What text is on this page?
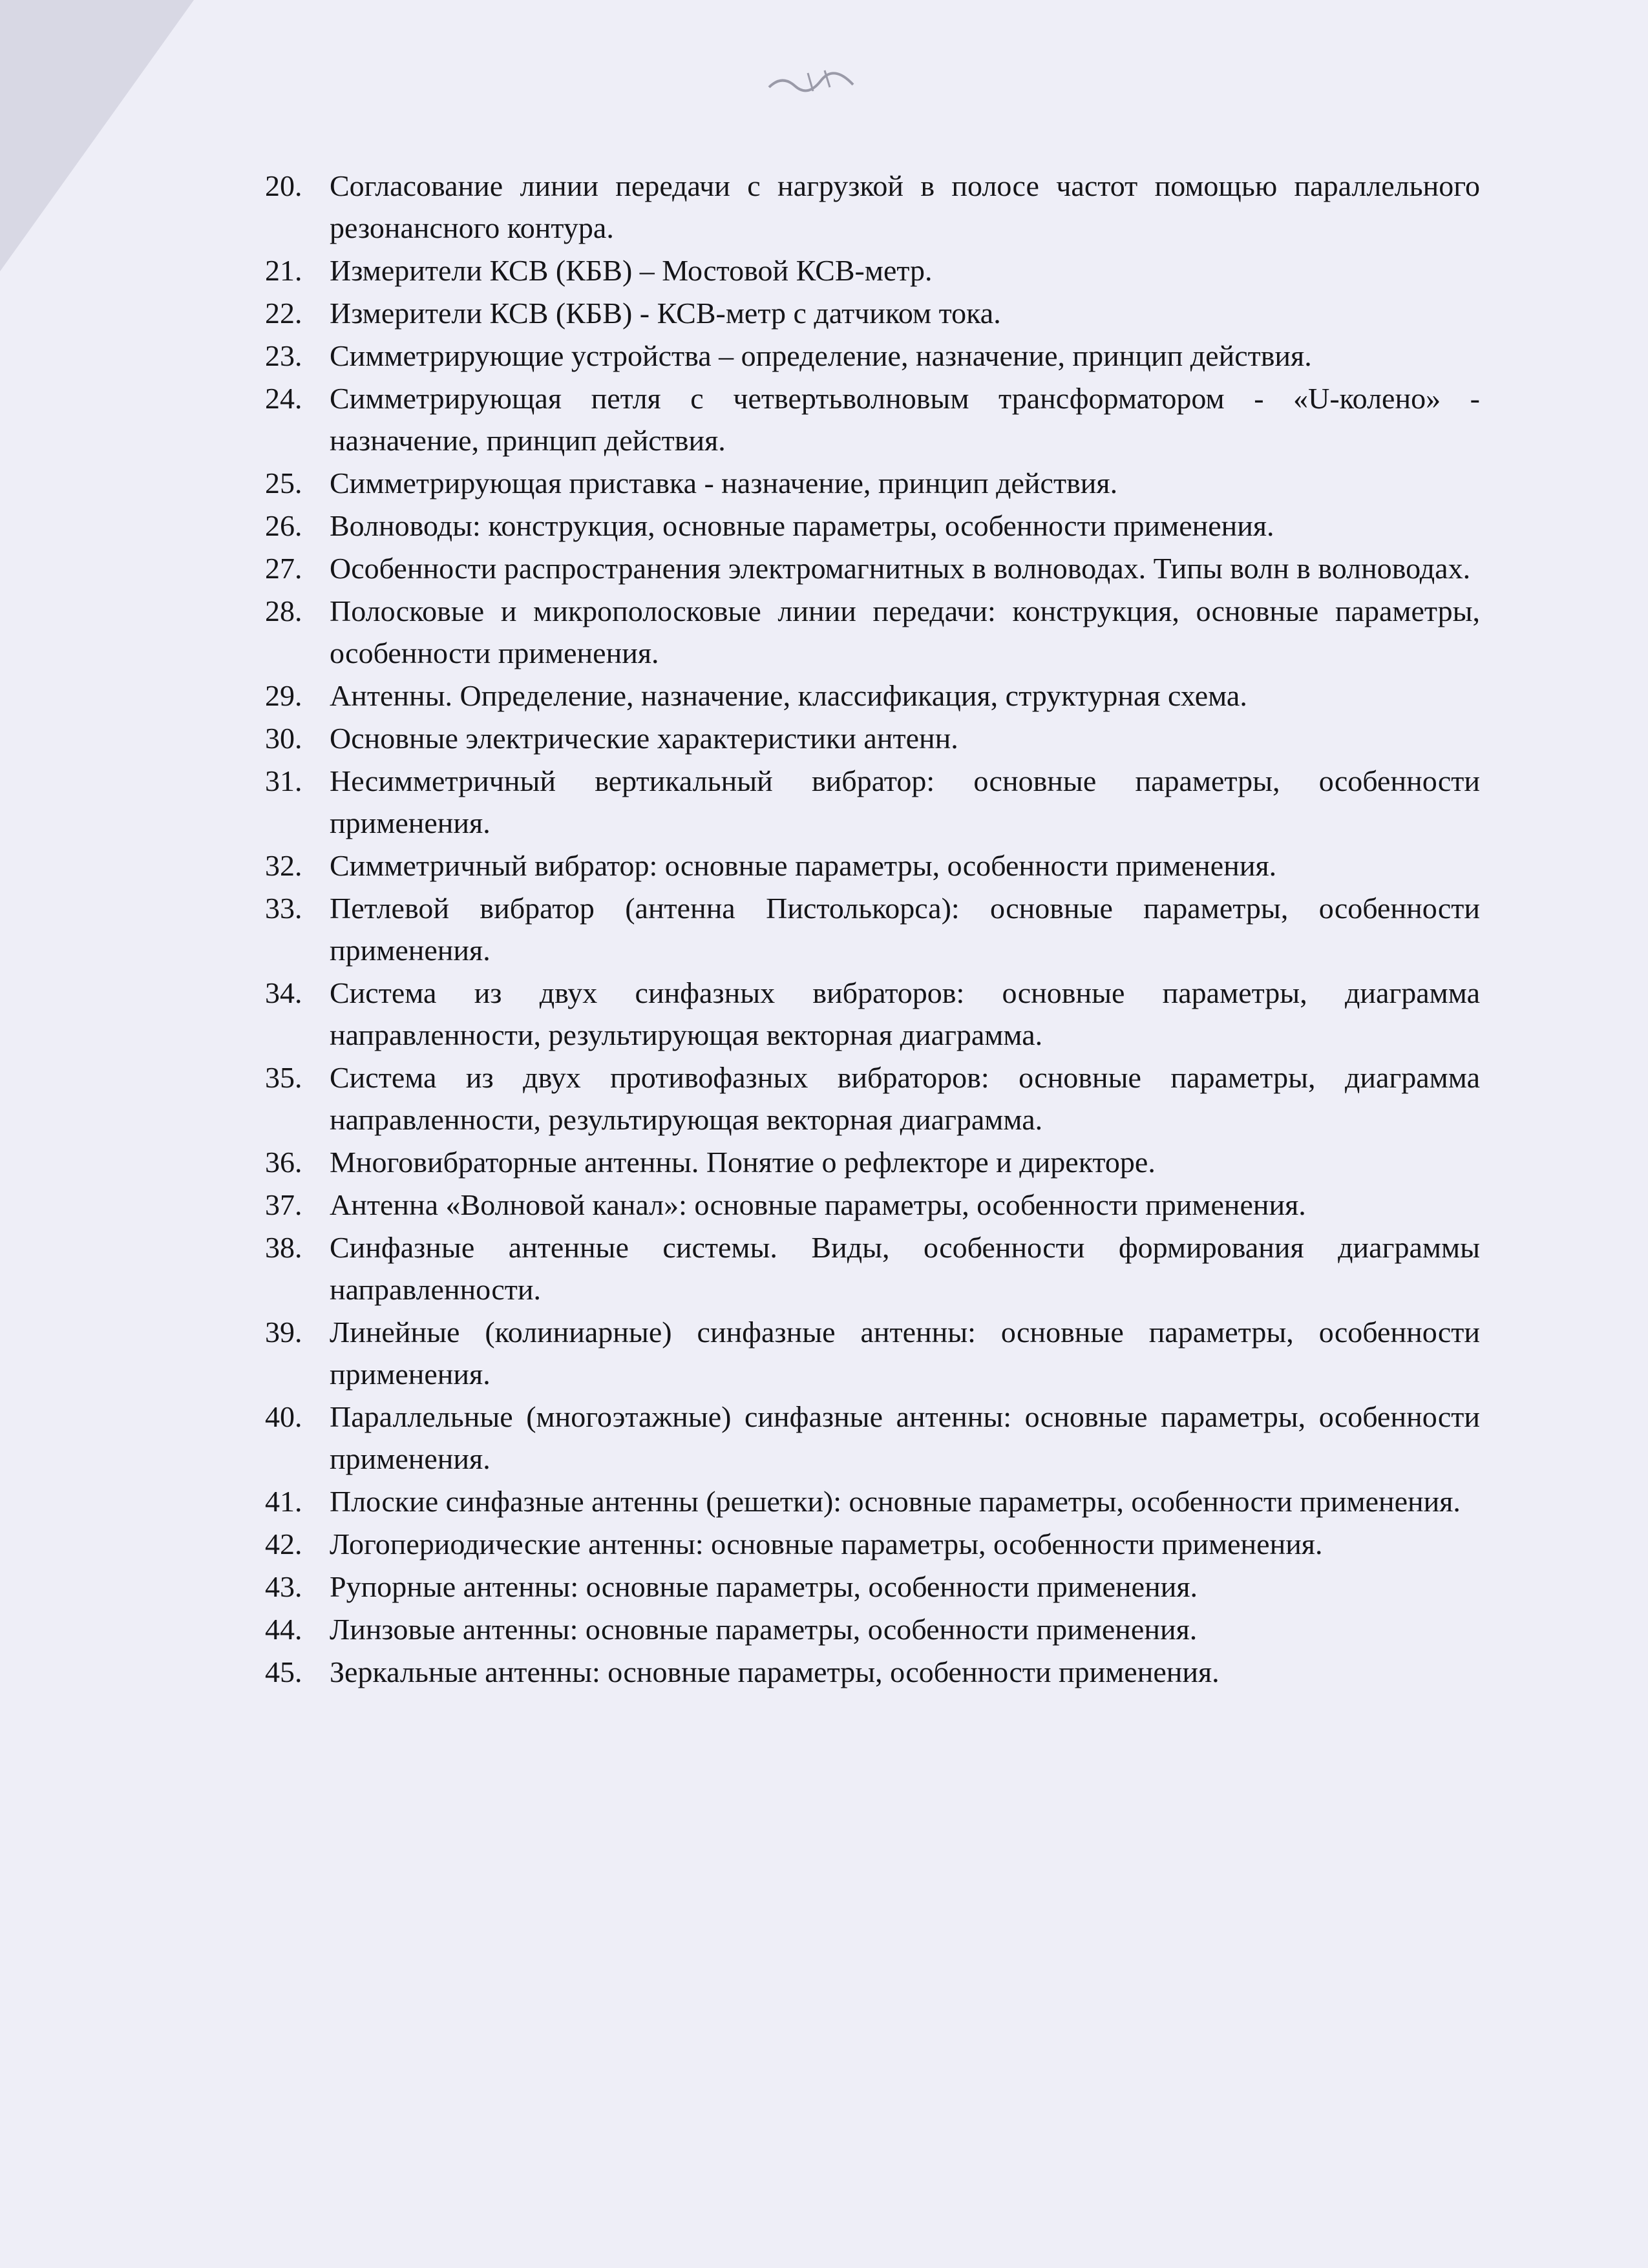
20. Согласование линии передачи с нагрузкой в полосе частот помощью параллельного резонансного контура.
21. Измерители КСВ (КБВ) – Мостовой КСВ-метр.
22. Измерители КСВ (КБВ) - КСВ-метр с датчиком тока.
23. Симметрирующие устройства – определение, назначение, принцип действия.
24. Симметрирующая петля с четвертьволновым трансформатором - «U-колено» - назначение, принцип действия.
25. Симметрирующая приставка - назначение, принцип действия.
26. Волноводы: конструкция, основные параметры, особенности применения.
27. Особенности распространения электромагнитных в волноводах. Типы волн в волноводах.
28. Полосковые и микрополосковые линии передачи: конструкция, основные параметры, особенности применения.
29. Антенны. Определение, назначение, классификация, структурная схема.
30. Основные электрические характеристики антенн.
31. Несимметричный вертикальный вибратор: основные параметры, особенности применения.
32. Симметричный вибратор: основные параметры, особенности применения.
33. Петлевой вибратор (антенна Пистолькорса): основные параметры, особенности применения.
34. Система из двух синфазных вибраторов: основные параметры, диаграмма направленности, результирующая векторная диаграмма.
35. Система из двух противофазных вибраторов: основные параметры, диаграмма направленности, результирующая векторная диаграмма.
36. Многовибраторные антенны. Понятие о рефлекторе и директоре.
37. Антенна «Волновой канал»: основные параметры, особенности применения.
38. Синфазные антенные системы. Виды, особенности формирования диаграммы направленности.
39. Линейные (колиниарные) синфазные антенны: основные параметры, особенности применения.
40. Параллельные (многоэтажные) синфазные антенны: основные параметры, особенности применения.
41. Плоские синфазные антенны (решетки): основные параметры, особенности применения.
42. Логопериодические антенны: основные параметры, особенности применения.
43. Рупорные антенны: основные параметры, особенности применения.
44. Линзовые антенны: основные параметры, особенности применения.
45. Зеркальные антенны: основные параметры, особенности применения.
